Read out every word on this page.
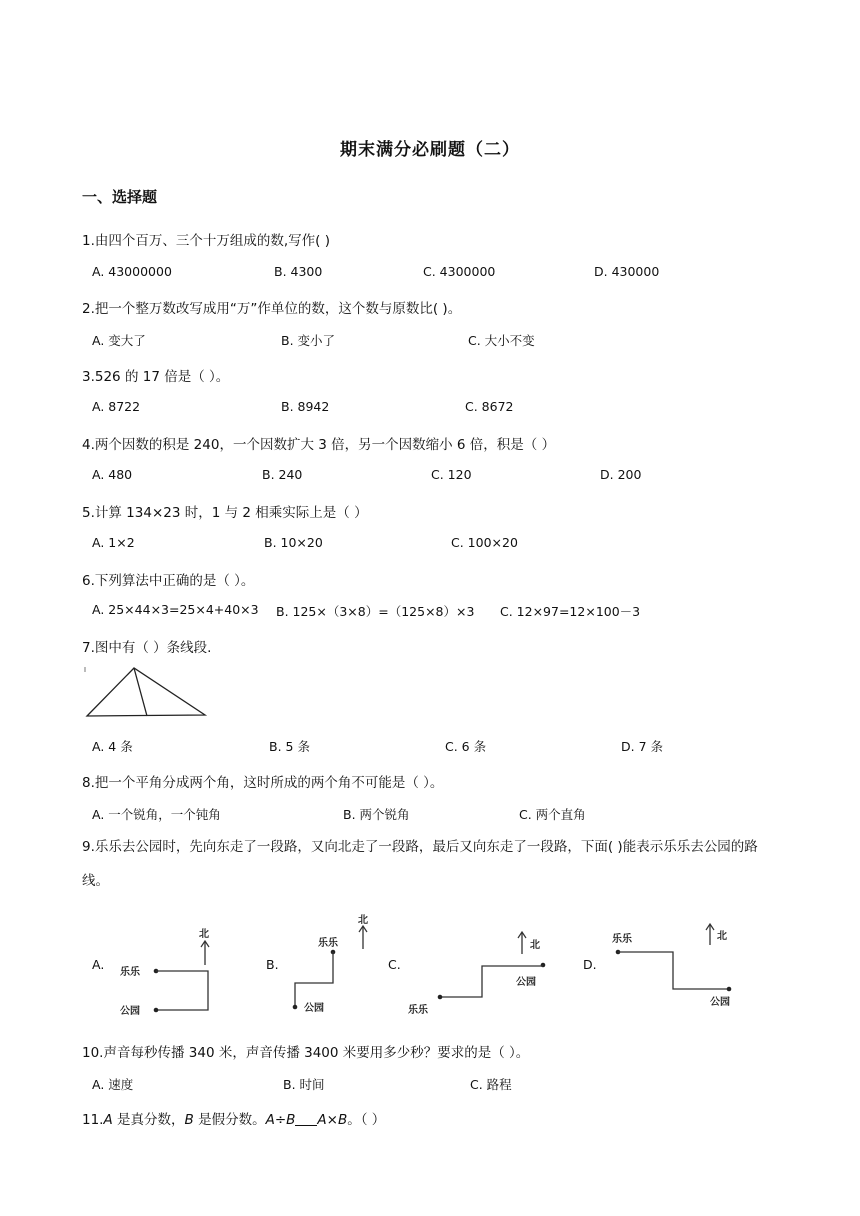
期末满分必刷题（二）
一、选择题
1.由四个百万、三个十万组成的数,写作( )
A. 43000000	B. 4300	C. 4300000	D. 430000
2.把一个整万数改写成用“万”作单位的数，这个数与原数比( )。
A. 变大了	B. 变小了	C. 大小不变
3.526 的 17 倍是（ ）。
A. 8722	B. 8942	C. 8672
4.两个因数的积是 240，一个因数扩大 3 倍，另一个因数缩小 6 倍，积是（ ）
A. 480	B. 240	C. 120	D. 200
5.计算 134×23 时，1 与 2 相乘实际上是（ ）
A. 1×2	B. 10×20	C. 100×20
6.下列算法中正确的是（ ）。
A. 25×44×3=25×4+40×3 B. 125×（3×8）=（125×8）×3 C. 12×97=12×100－3
7.图中有（ ）条线段.
A. 4 条	B. 5 条	C. 6 条	D. 7 条
8.把一个平角分成两个角，这时所成的两个角不可能是（ ）。
A. 一个锐角，一个钝角	B. 两个锐角	C. 两个直角
9.乐乐去公园时，先向东走了一段路，又向北走了一段路，最后又向东走了一段路，下面( )能表示乐乐去公园的路线。
A.
北
乐乐
公园
B.
北
乐乐
公园
C.
北
公园
乐乐
D.
乐乐	北
公园
10.声音每秒传播 340 米，声音传播 3400 米要用多少秒？要求的是（ ）。
A. 速度	B. 时间	C. 路程
11.A 是真分数，B 是假分数。A÷B A×B。（ ）
